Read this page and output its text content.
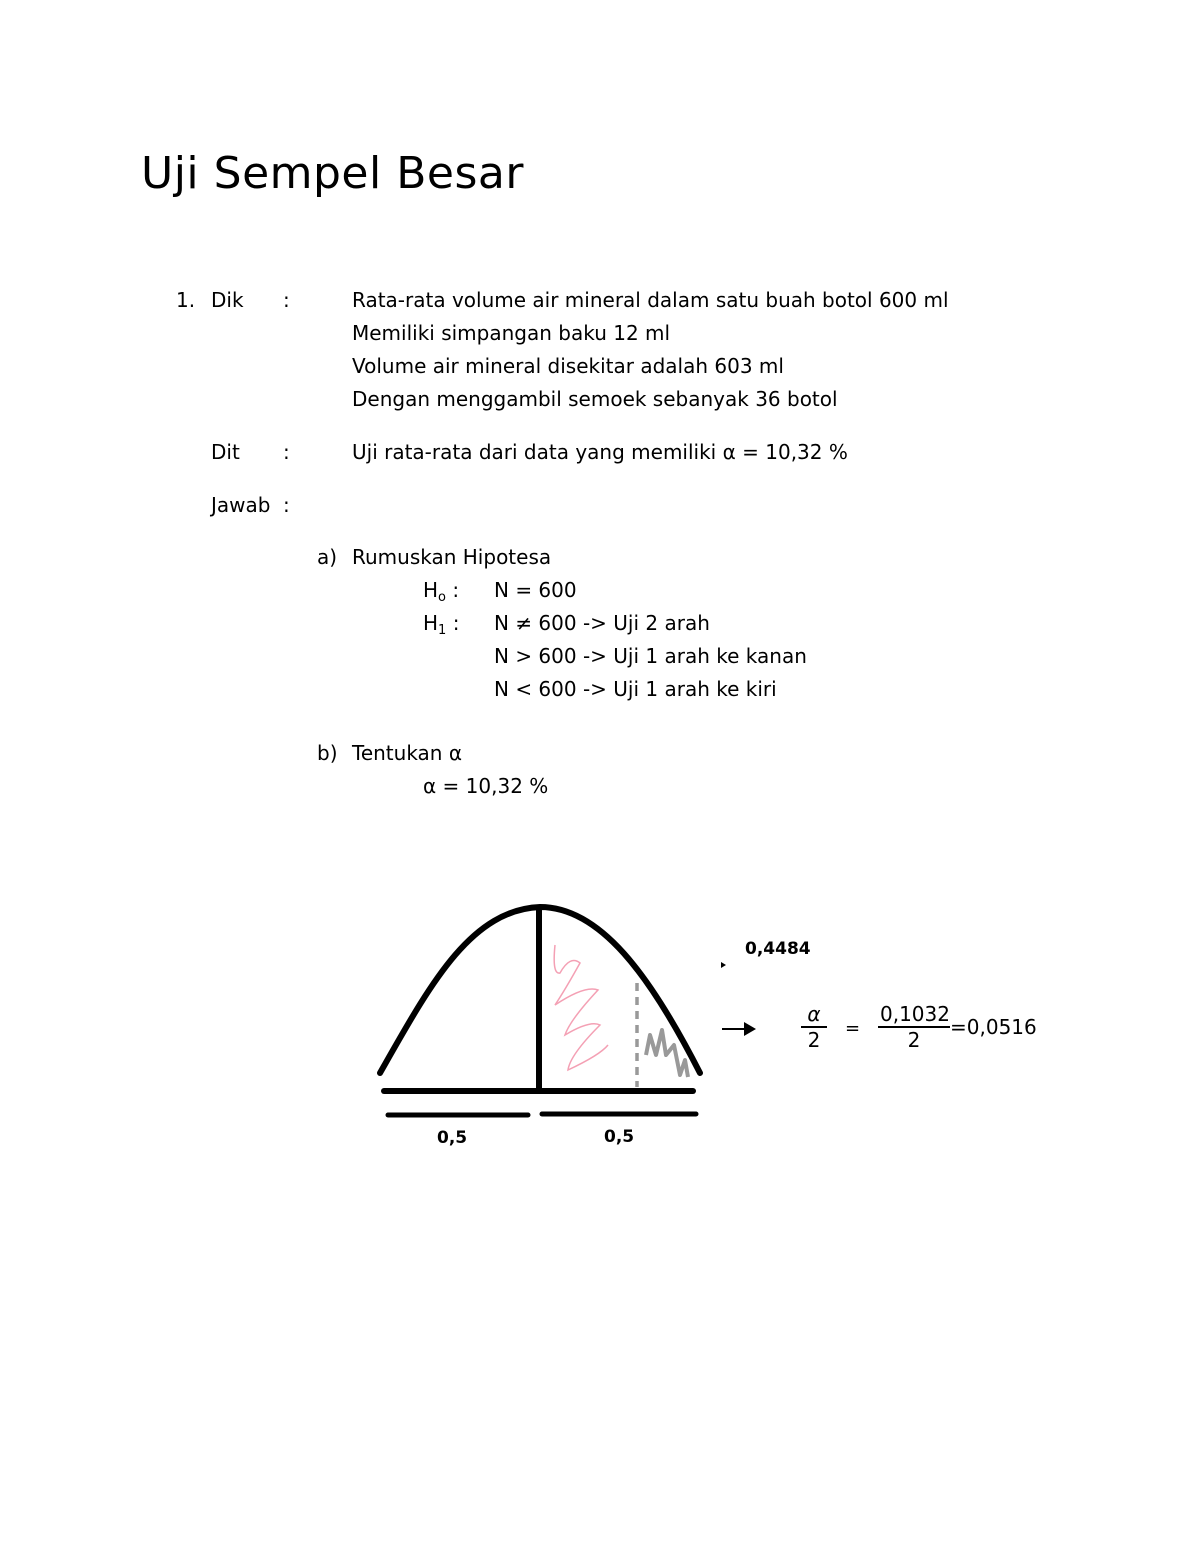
Uji Sempel Besar
1. Dik :	Rata-rata volume air mineral dalam satu buah botol 600 ml
Memiliki simpangan baku 12 ml
Volume air mineral disekitar adalah 603 ml
Dengan menggambil semoek sebanyak 36 botol
Dit :	Uji rata-rata dari data yang memiliki α = 10,32 %
Jawab :
a) Rumuskan Hipotesa
$H_o$ : N = 600
$H_1$ : N ≠ 600 -> Uji 2 arah
N > 600 -> Uji 1 arah ke kanan
N < 600 -> Uji 1 arah ke kiri
b) Tentukan α
α = 10,32 %
0,4484
0,5	0,5
$\frac{\alpha}{2} = \frac{0,1032}{2} =0,0516$
